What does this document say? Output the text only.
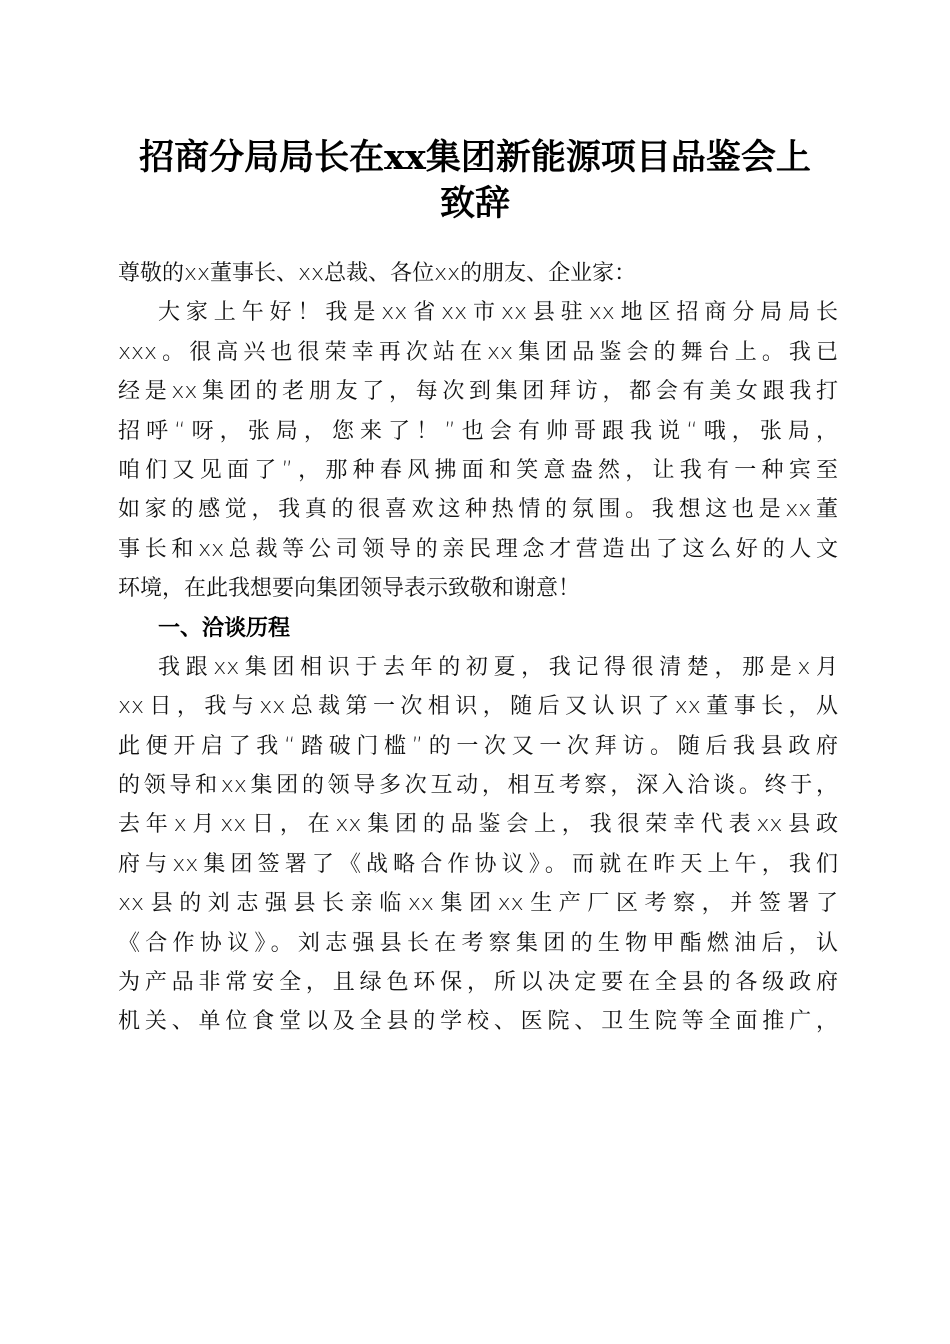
招商分局局长在xx集团新能源项目品鉴会上
致辞
尊敬的xx董事长、xx总裁、各位xx的朋友、企业家：
大家上午好！我是xx省xx市xx县驻xx地区招商分局局长
xxx。很高兴也很荣幸再次站在xx集团品鉴会的舞台上。我已
经是xx集团的老朋友了，每次到集团拜访，都会有美女跟我打
招呼“呀，张局，您来了！”也会有帅哥跟我说“哦，张局，
咱们又见面了”，那种春风拂面和笑意盎然，让我有一种宾至
如家的感觉，我真的很喜欢这种热情的氛围。我想这也是xx董
事长和xx总裁等公司领导的亲民理念才营造出了这么好的人文
环境，在此我想要向集团领导表示致敬和谢意！
一、洽谈历程
我跟xx集团相识于去年的初夏，我记得很清楚，那是x月
xx日，我与xx总裁第一次相识，随后又认识了xx董事长，从
此便开启了我“踏破门槛”的一次又一次拜访。随后我县政府
的领导和xx集团的领导多次互动，相互考察，深入洽谈。终于，
去年x月xx日，在xx集团的品鉴会上，我很荣幸代表xx县政
府与xx集团签署了《战略合作协议》。而就在昨天上午，我们
xx县的刘志强县长亲临xx集团xx生产厂区考察，并签署了
《合作协议》。刘志强县长在考察集团的生物甲酯燃油后，认
为产品非常安全，且绿色环保，所以决定要在全县的各级政府
机关、单位食堂以及全县的学校、医院、卫生院等全面推广，
